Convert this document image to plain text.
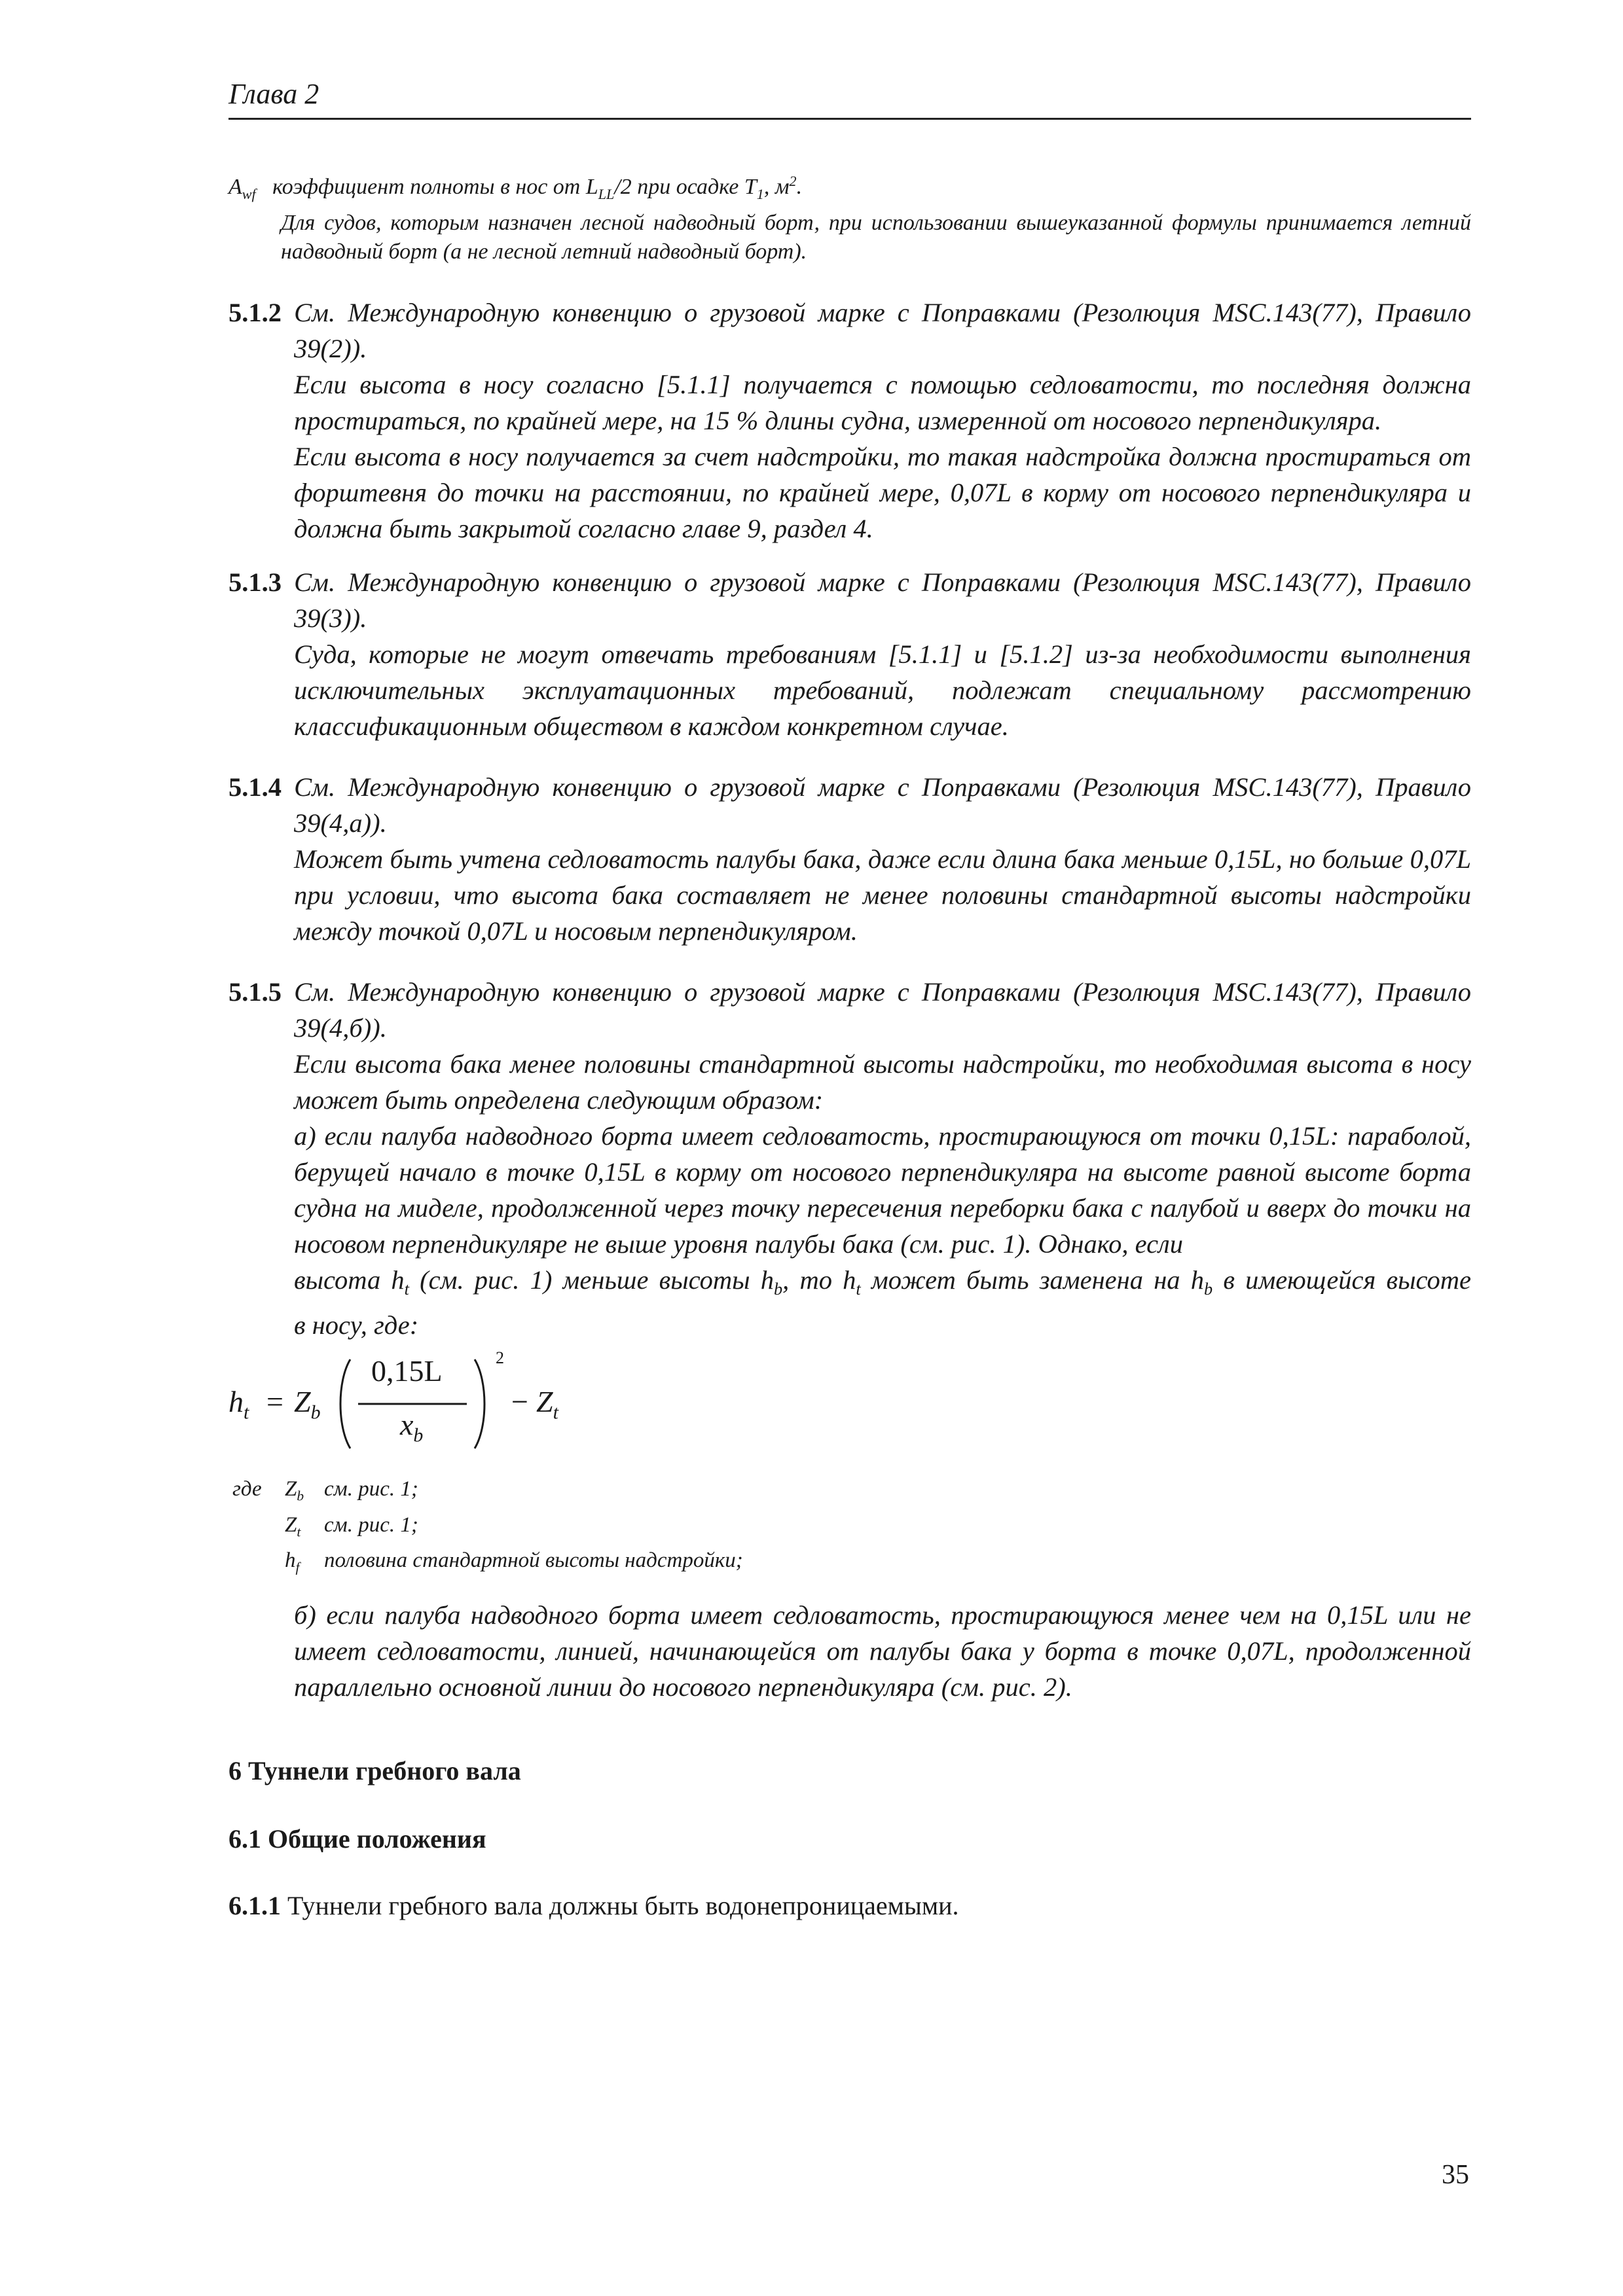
Глава 2
$A_{wf}$ коэффициент полноты в нос от $L_{LL}/2$ при осадке $T_1$, $м^2$.
Для судов, которым назначен лесной надводный борт, при использовании вышеуказанной формулы принимается летний надводный борт (а не лесной летний надводный борт).
5.1.2 См. Международную конвенцию о грузовой марке с Поправками (Резолюция MSC.143(77), Правило 39(2)).
Если высота в носу согласно [5.1.1] получается с помощью седловатости, то последняя должна простираться, по крайней мере, на 15 % длины судна, измеренной от носового перпендикуляра.
Если высота в носу получается за счет надстройки, то такая надстройка должна простираться от форштевня до точки на расстоянии, по крайней мере, 0,07L в корму от носового перпендикуляра и должна быть закрытой согласно главе 9, раздел 4.
5.1.3 См. Международную конвенцию о грузовой марке с Поправками (Резолюция MSC.143(77), Правило 39(3)).
Суда, которые не могут отвечать требованиям [5.1.1] и [5.1.2] из-за необходимости выполнения исключительных эксплуатационных требований, подлежат специальному рассмотрению классификационным обществом в каждом конкретном случае.
5.1.4 См. Международную конвенцию о грузовой марке с Поправками (Резолюция MSC.143(77), Правило 39(4,а)).
Может быть учтена седловатость палубы бака, даже если длина бака меньше 0,15L, но больше 0,07L при условии, что высота бака составляет не менее половины стандартной высоты надстройки между точкой 0,07L и носовым перпендикуляром.
5.1.5 См. Международную конвенцию о грузовой марке с Поправками (Резолюция MSC.143(77), Правило 39(4,б)).
Если высота бака менее половины стандартной высоты надстройки, то необходимая высота в носу может быть определена следующим образом:
а) если палуба надводного борта имеет седловатость, простирающуюся от точки 0,15L: параболой, берущей начало в точке 0,15L в корму от носового перпендикуляра на высоте равной высоте борта судна на миделе, продолженной через точку пересечения переборки бака с палубой и вверх до точки на носовом перпендикуляре не выше уровня палубы бака (см. рис. 1). Однако, если
высота $h_t$ (см. рис. 1) меньше высоты $h_b$, то $h_t$ может быть заменена на $h_b$ в имеющейся высоте
в носу, где:
$h_t = Z_b$
0,15L
$x_b$
2
− $Z_t$
где	$Z_b$ см. рис. 1;
$Z_t$	см. рис. 1;
$h_f$	половина стандартной высоты надстройки;
б) если палуба надводного борта имеет седловатость, простирающуюся менее чем на 0,15L или не имеет седловатости, линией, начинающейся от палубы бака у борта в точке 0,07L, продолженной параллельно основной линии до носового перпендикуляра (см. рис. 2).
6 Туннели гребного вала
6.1 Общие положения
6.1.1 Туннели гребного вала должны быть водонепроницаемыми.
35
